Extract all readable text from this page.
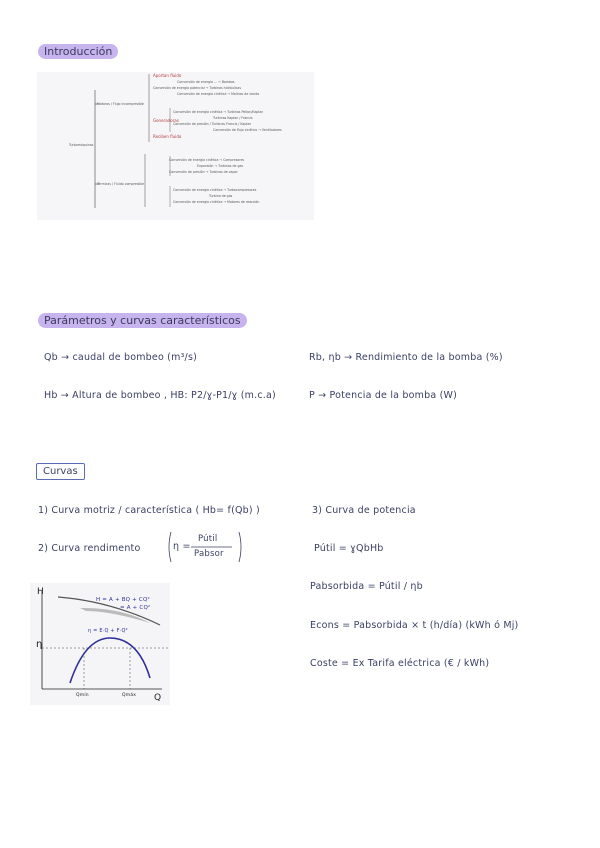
Introducción
Turbomáquinas
Motoras / Flujo incompresible
Térmicas / Fluido compresible
Aportan fluido
Generadoras
Reciben fluido
Conversión de energía ... → Bombas
Conversión de energía potencial → Turbinas hidráulicas
Conversión de energía cinética → Molinos de viento
Conversión de energía cinética → Turbinas Pelton/Kaplan
Turbinas Kaplan / Francis
Conversión de presión / Turbinas Francis / Kaplan
Conversión de flujo cinético → Ventiladores
Conversión de energía cinética → Compresores
Expansión → Turbinas de gas
Conversión de presión → Turbinas de vapor
Conversión de energía cinética → Turbocompresores
Turbina de gas
Conversión de energía cinética → Motores de reacción
Parámetros y curvas característicos
Qb → caudal de bombeo (m³/s)
Hb → Altura de bombeo , HB: P2/ɣ-P1/ɣ (m.c.a)
Rb, ηb → Rendimiento de la bomba (%)
P → Potencia de la bomba (W)
Curvas
1) Curva motriz / característica ( Hb= f(Qb) )
2) Curva rendimento	η =
Pútil
Pabsor
3) Curva de potencia
Pútil = ɣQbHb
Pabsorbida = Pútil / ηb
Econs = Pabsorbida × t (h/día) (kWh ó Mj)
Coste = Ex Tarifa eléctrica (€ / kWh)
H
η
Q
H = A + BQ + CQ²
= A + CQ²
η = E·Q + F·Q²
Qmín	Qmáx
